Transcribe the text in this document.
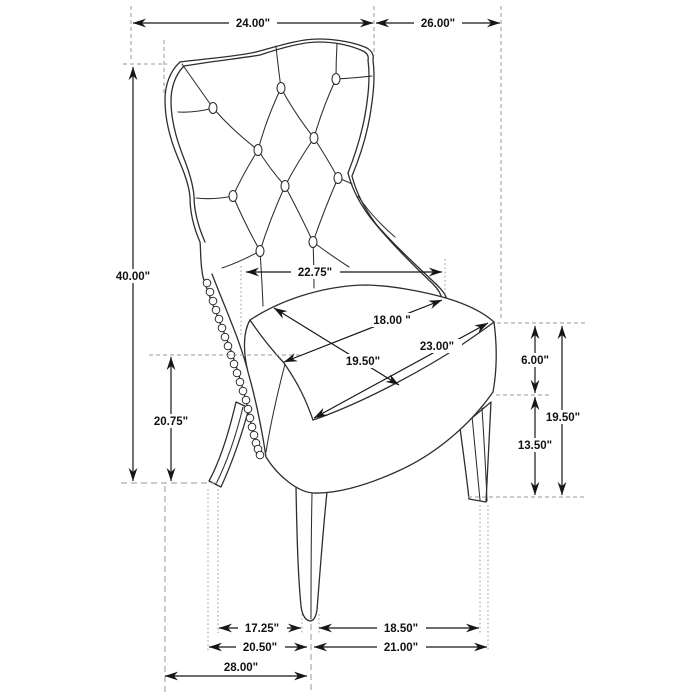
24.00"	26.00"
40.00"	22.75"
18.00 "
19.50"
23.00"
6.00"
13.50"
19.50"
20.75"
17.25"	18.50"
20.50"	21.00"
28.00"
